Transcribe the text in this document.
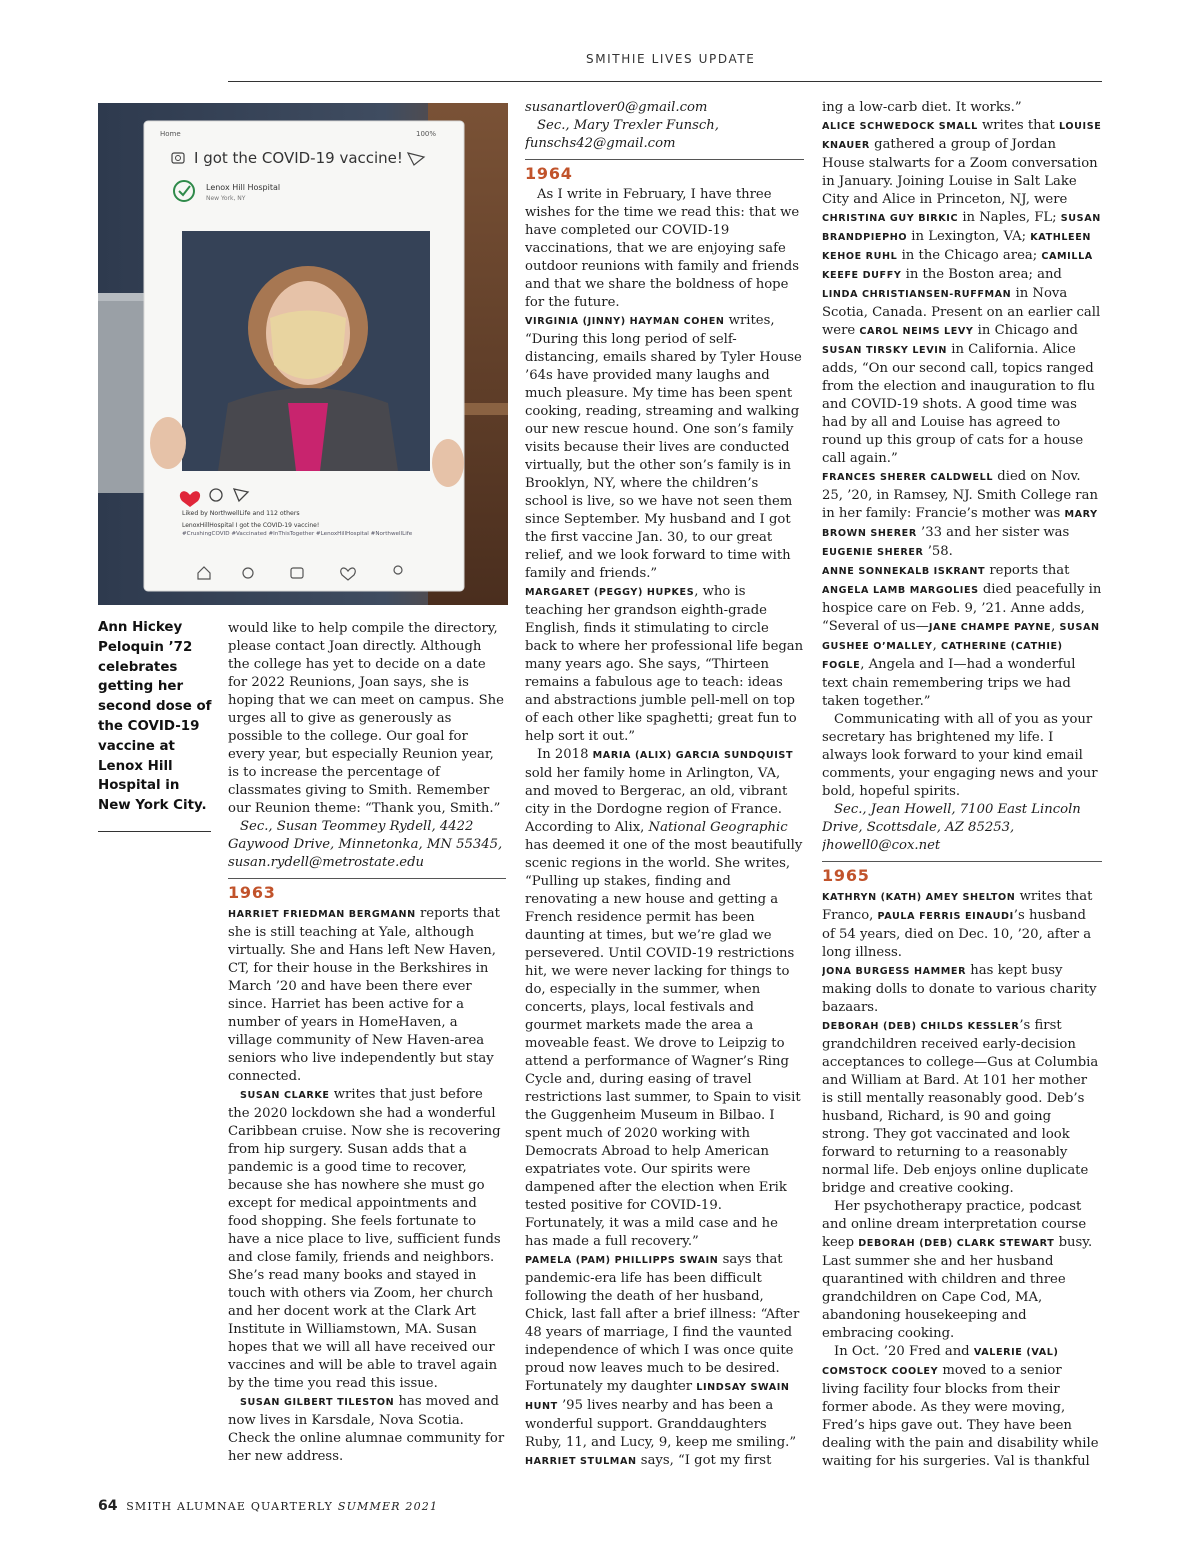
SMITHIE LIVES UPDATE
Home	100%
I got the COVID-19 vaccine!
Lenox Hill Hospital
New York, NY
Liked by NorthwellLife and 112 others
LenoxHillHospital I got the COVID-19 vaccine!
#CrushingCOVID #Vaccinated #InThisTogether #LenoxHillHospital #NorthwellLife
Ann Hickey Peloquin ’72 celebrates getting her second dose of the COVID-19 vaccine at Lenox Hill Hospital in New York City.

would like to help compile the directory, please contact Joan directly. Although the college has yet to decide on a date for 2022 Reunions, Joan says, she is hoping that we can meet on campus. She urges all to give as generously as possible to the college. Our goal for every year, but especially Reunion year, is to increase the percentage of classmates giving to Smith. Remember our Reunion theme: “Thank you, Smith.”

Sec., Susan Teommey Rydell, 4422 Gaywood Drive, Minnetonka, MN 55345, susan.rydell@metrostate.edu

1963

HARRIET FRIEDMAN BERGMANN reports that she is still teaching at Yale, although virtually. She and Hans left New Haven, CT, for their house in the Berkshires in March ’20 and have been there ever since. Harriet has been active for a number of years in HomeHaven, a village community of New Haven-area seniors who live independently but stay connected.

SUSAN CLARKE writes that just before the 2020 lockdown she had a wonderful Caribbean cruise. Now she is recovering from hip surgery. Susan adds that a pandemic is a good time to recover, because she has nowhere she must go except for medical appointments and food shopping. She feels fortunate to have a nice place to live, sufficient funds and close family, friends and neighbors. She’s read many books and stayed in touch with others via Zoom, her church and her docent work at the Clark Art Institute in Williamstown, MA. Susan hopes that we will all have received our vaccines and will be able to travel again by the time you read this issue.

SUSAN GILBERT TILESTON has moved and now lives in Karsdale, Nova Scotia. Check the online alumnae community for her new address.

susanartlover0@gmail.com

Sec., Mary Trexler Funsch, funschs42@gmail.com

1964

As I write in February, I have three wishes for the time we read this: that we have completed our COVID-19 vaccinations, that we are enjoying safe outdoor reunions with family and friends and that we share the boldness of hope for the future.

VIRGINIA (JINNY) HAYMAN COHEN writes, “During this long period of self-distancing, emails shared by Tyler House ’64s have provided many laughs and much pleasure. My time has been spent cooking, reading, streaming and walking our new rescue hound. One son’s family visits because their lives are conducted virtually, but the other son’s family is in Brooklyn, NY, where the children’s school is live, so we have not seen them since September. My husband and I got the first vaccine Jan. 30, to our great relief, and we look forward to time with family and friends.”

MARGARET (PEGGY) HUPKES, who is teaching her grandson eighth-grade English, finds it stimulating to circle back to where her professional life began many years ago. She says, “Thirteen remains a fabulous age to teach: ideas and abstractions jumble pell-mell on top of each other like spaghetti; great fun to help sort it out.”

In 2018 MARIA (ALIX) GARCIA SUNDQUIST sold her family home in Arlington, VA, and moved to Bergerac, an old, vibrant city in the Dordogne region of France. According to Alix, National Geographic has deemed it one of the most beautifully scenic regions in the world. She writes, “Pulling up stakes, finding and renovating a new house and getting a French residence permit has been daunting at times, but we’re glad we persevered. Until COVID-19 restrictions hit, we were never lacking for things to do, especially in the summer, when concerts, plays, local festivals and gourmet markets made the area a moveable feast. We drove to Leipzig to attend a performance of Wagner’s Ring Cycle and, during easing of travel restrictions last summer, to Spain to visit the Guggenheim Museum in Bilbao. I spent much of 2020 working with Democrats Abroad to help American expatriates vote. Our spirits were dampened after the election when Erik tested positive for COVID-19. Fortunately, it was a mild case and he has made a full recovery.”

PAMELA (PAM) PHILLIPPS SWAIN says that pandemic-era life has been difficult following the death of her husband, Chick, last fall after a brief illness: “After 48 years of marriage, I find the vaunted independence of which I was once quite proud now leaves much to be desired. Fortunately my daughter LINDSAY SWAIN HUNT ’95 lives nearby and has been a wonderful support. Granddaughters Ruby, 11, and Lucy, 9, keep me smiling.”

HARRIET STULMAN says, “I got my first

ing a low-carb diet. It works.”

ALICE SCHWEDOCK SMALL writes that LOUISE KNAUER gathered a group of Jordan House stalwarts for a Zoom conversation in January. Joining Louise in Salt Lake City and Alice in Princeton, NJ, were CHRISTINA GUY BIRKIC in Naples, FL; SUSAN BRANDPIEPHO in Lexington, VA; KATHLEEN KEHOE RUHL in the Chicago area; CAMILLA KEEFE DUFFY in the Boston area; and LINDA CHRISTIANSEN-RUFFMAN in Nova Scotia, Canada. Present on an earlier call were CAROL NEIMS LEVY in Chicago and SUSAN TIRSKY LEVIN in California. Alice adds, “On our second call, topics ranged from the election and inauguration to flu and COVID-19 shots. A good time was had by all and Louise has agreed to round up this group of cats for a house call again.”

FRANCES SHERER CALDWELL died on Nov. 25, ’20, in Ramsey, NJ. Smith College ran in her family: Francie’s mother was MARY BROWN SHERER ’33 and her sister was EUGENIE SHERER ’58.

ANNE SONNEKALB ISKRANT reports that ANGELA LAMB MARGOLIES died peacefully in hospice care on Feb. 9, ’21. Anne adds, “Several of us—JANE CHAMPE PAYNE, SUSAN GUSHEE O’MALLEY, CATHERINE (CATHIE) FOGLE, Angela and I—had a wonderful text chain remembering trips we had taken together.”

Communicating with all of you as your secretary has brightened my life. I always look forward to your kind email comments, your engaging news and your bold, hopeful spirits.

Sec., Jean Howell, 7100 East Lincoln Drive, Scottsdale, AZ 85253, jhowell0@cox.net

1965

KATHRYN (KATH) AMEY SHELTON writes that Franco, PAULA FERRIS EINAUDI’s husband of 54 years, died on Dec. 10, ’20, after a long illness.

JONA BURGESS HAMMER has kept busy making dolls to donate to various charity bazaars.

DEBORAH (DEB) CHILDS KESSLER’s first grandchildren received early-decision acceptances to college—Gus at Columbia and William at Bard. At 101 her mother is still mentally reasonably good. Deb’s husband, Richard, is 90 and going strong. They got vaccinated and look forward to returning to a reasonably normal life. Deb enjoys online duplicate bridge and creative cooking.

Her psychotherapy practice, podcast and online dream interpretation course keep DEBORAH (DEB) CLARK STEWART busy. Last summer she and her husband quarantined with children and three grandchildren on Cape Cod, MA, abandoning housekeeping and embracing cooking.

In Oct. ’20 Fred and VALERIE (VAL) COMSTOCK COOLEY moved to a senior living facility four blocks from their former abode. As they were moving, Fred’s hips gave out. They have been dealing with the pain and disability while waiting for his surgeries. Val is thankful

64 SMITH ALUMNAE QUARTERLY SUMMER 2021
